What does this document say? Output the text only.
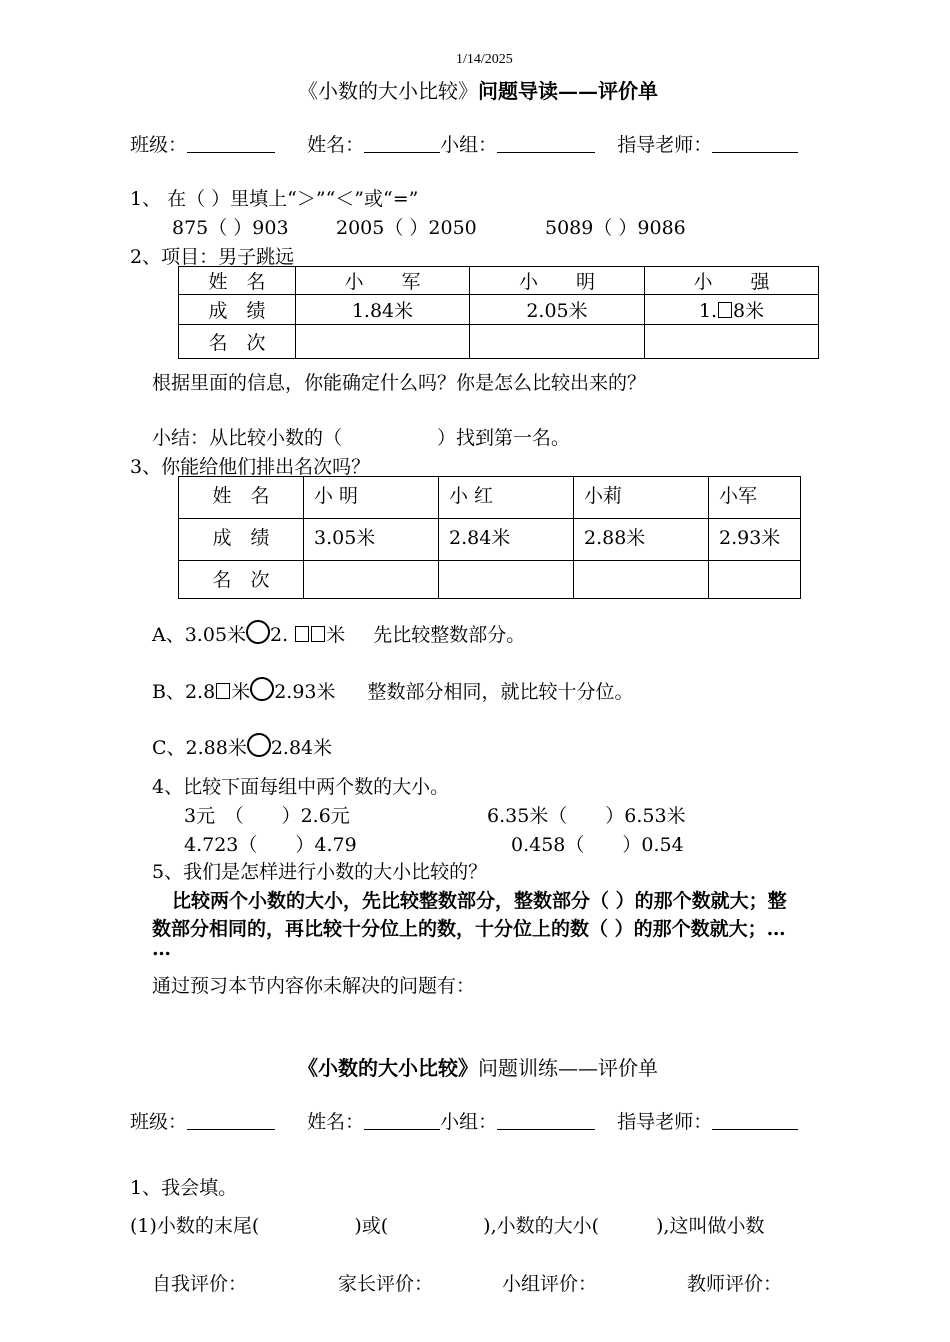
1/14/2025
《小数的大小比较》问题导读——评价单
班级：	姓名：	小组：	指导老师：
1、 在（ ）里填上“＞”“＜”或“=”
875（ ）903 2005（ ）2050	5089（ ）9086
2、项目：男子跳远
姓　名	小　　军	小　　明	小　　强
成　绩	1.84米	2.05米	1. 8米
名　次			
根据里面的信息，你能确定什么吗？你是怎么比较出来的？
小结：从比较小数的（　　　　　）找到第一名。
3、你能给他们排出名次吗？
姓　名	小 明	小 红	小莉	小军
成　绩	3.05米	2.84米	2.88米	2.93米
名　次				
A、3.05米 2. 米 先比较整数部分。
B、2.8 米 2.93米 整数部分相同，就比较十分位。
C、2.88米 2.84米
4、比较下面每组中两个数的大小。
3元　（　　）2.6元	6.35米（　　）6.53米
4.723（　　）4.79	0.458（　　）0.54
5、我们是怎样进行小数的大小比较的？
比较两个小数的大小，先比较整数部分，整数部分（ ）的那个数就大；整
数部分相同的，再比较十分位上的数，十分位上的数（ ）的那个数就大；…
…
通过预习本节内容你未解决的问题有：
《小数的大小比较》问题训练——评价单
班级：	姓名：	小组：	指导老师：
1、我会填。
(1)小数的末尾(　　　　　)或(　　　　　),小数的大小(　　　),这叫做小数
自我评价：	家长评价：	小组评价：	教师评价：
